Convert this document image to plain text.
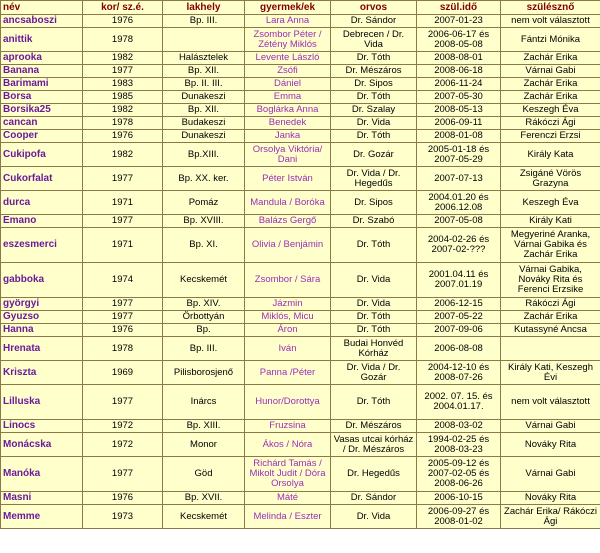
név	kor/ sz.é.	lakhely	gyermek/ek	orvos	szül.idő	szülésznő
ancsaboszi	1976	Bp. III.	Lara Anna	Dr. Sándor	2007-01-23	nem volt választott
anittik	1978		Zsombor Péter / Zétény Miklós	Debrecen / Dr. Vida	2006-06-17 és 2008-05-08	Fántzi Mónika
aprooka	1982	Halásztelek	Levente László	Dr. Tóth	2008-08-01	Zachár Erika
Banana	1977	Bp. XII.	Zsófi	Dr. Mészáros	2008-06-18	Várnai Gabi
Barimami	1983	Bp. II. III.	Dániel	Dr. Sipos	2006-11-24	Zachár Erika
Borsa	1985	Dunakeszi	Emma	Dr. Tóth	2007-05-30	Zachár Erika
Borsika25	1982	Bp. XII.	Boglárka Anna	Dr. Szalay	2008-05-13	Keszegh Éva
cancan	1978	Budakeszi	Benedek	Dr. Vida	2006-09-11	Rákóczi Ági
Cooper	1976	Dunakeszi	Janka	Dr. Tóth	2008-01-08	Ferenczi Erzsi
Cukipofa	1982	Bp.XIII.	Orsolya Viktória/ Dani	Dr. Gozár	2005-01-18 és 2007-05-29	Király Kata
Cukorfalat	1977	Bp. XX. ker.	Péter István	Dr. Vida / Dr. Hegedűs	2007-07-13	Zsigáné Vörös Grazyna
durca	1971	Pomáz	Mandula / Boróka	Dr. Sipos	2004.01.20 és 2006.12.08	Keszegh Éva
Emano	1977	Bp. XVIII.	Balázs Gergő	Dr. Szabó	2007-05-08	Király Kati
eszesmerci	1971	Bp. XI.	Olivia / Benjámin	Dr. Tóth	2004-02-26 és 2007-02-???	Megyeriné Aranka, Várnai Gabika és Zachár Erika
gabboka	1974	Kecskemét	Zsombor / Sára	Dr. Vida	2001.04.11 és 2007.01.19	Várnai Gabika, Nováky Rita és Ferenci Erzsike
györgyi	1977	Bp. XIV.	Jázmin	Dr. Vida	2006-12-15	Rákóczi Ági
Gyuzso	1977	Örbottyán	Miklós, Micu	Dr. Tóth	2007-05-22	Zachár Erika
Hanna	1976	Bp.	Áron	Dr. Tóth	2007-09-06	Kutassyné Ancsa
Hrenata	1978	Bp. III.	Iván	Budai Honvéd Kórház	2006-08-08	
Kriszta	1969	Pilisborosjenő	Panna /Péter	Dr. Vida / Dr. Gozár	2004-12-10 és 2008-07-26	Király Kati, Keszegh Évi
Lilluska	1977	Inárcs	Hunor/Dorottya	Dr. Tóth	2002. 07. 15. és 2004.01.17.	nem volt választott
Linocs	1972	Bp. XIII.	Fruzsina	Dr. Mészáros	2008-03-02	Várnai Gabi
Monácska	1972	Monor	Ákos / Nóra	Vasas utcai kórház / Dr. Mészáros	1994-02-25 és 2008-03-23	Nováky Rita
Manóka	1977	Göd	Richárd Tamás / Mikolt Judit / Dóra Orsolya	Dr. Hegedűs	2005-09-12 és 2007-02-05 és 2008-06-26	Várnai Gabi
Masni	1976	Bp. XVII.	Máté	Dr. Sándor	2006-10-15	Nováky Rita
Memme	1973	Kecskemét	Melinda / Eszter	Dr. Vida	2006-09-27 és 2008-01-02	Zachár Erika/ Rákóczi Ági
